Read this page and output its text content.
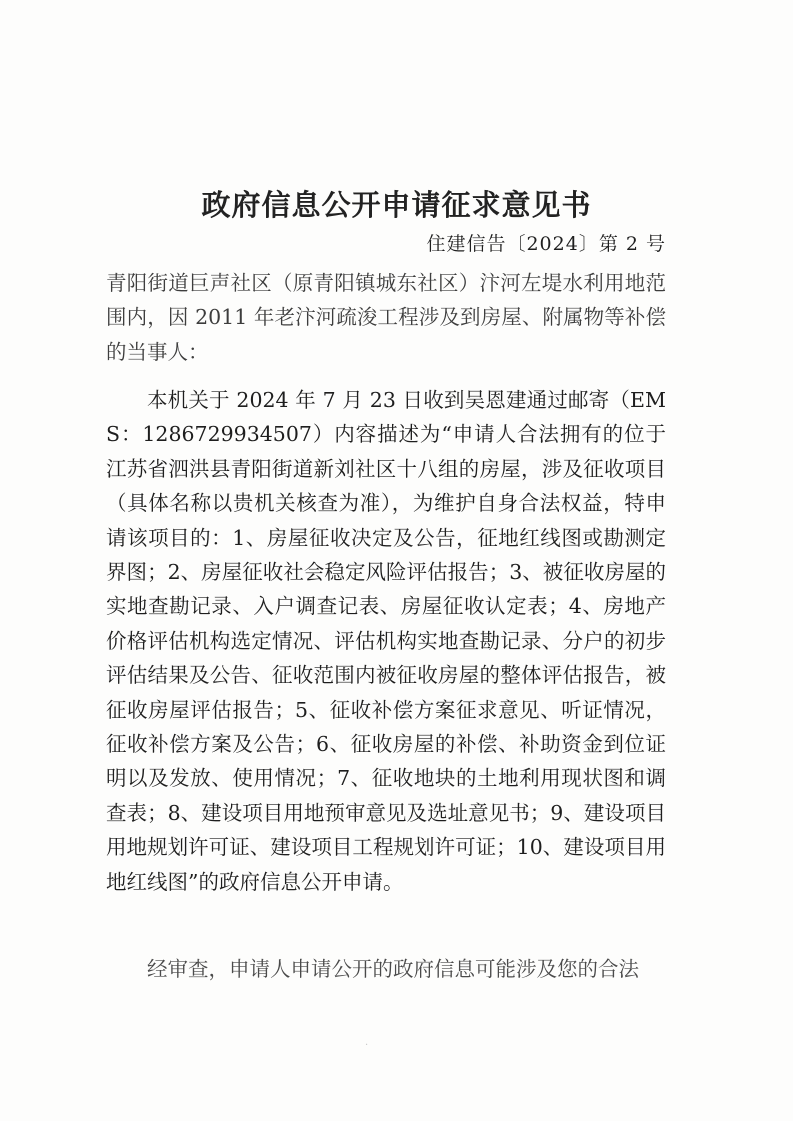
政府信息公开申请征求意见书
住建信告〔2024〕第 2 号
青阳街道巨声社区（原青阳镇城东社区）汴河左堤水利用地范围内，因 2011 年老汴河疏浚工程涉及到房屋、附属物等补偿的当事人：
本机关于 2024 年 7 月 23 日收到吴恩建通过邮寄（EMS：1286729934507）内容描述为“申请人合法拥有的位于江苏省泗洪县青阳街道新刘社区十八组的房屋，涉及征收项目（具体名称以贵机关核查为准），为维护自身合法权益，特申请该项目的：1、房屋征收决定及公告，征地红线图或勘测定界图；2、房屋征收社会稳定风险评估报告；3、被征收房屋的实地查勘记录、入户调查记表、房屋征收认定表；4、房地产价格评估机构选定情况、评估机构实地查勘记录、分户的初步评估结果及公告、征收范围内被征收房屋的整体评估报告，被征收房屋评估报告；5、征收补偿方案征求意见、听证情况，征收补偿方案及公告；6、征收房屋的补偿、补助资金到位证明以及发放、使用情况；7、征收地块的土地利用现状图和调查表；8、建设项目用地预审意见及选址意见书；9、建设项目用地规划许可证、建设项目工程规划许可证；10、建设项目用地红线图”的政府信息公开申请。
经审查，申请人申请公开的政府信息可能涉及您的合法
·
